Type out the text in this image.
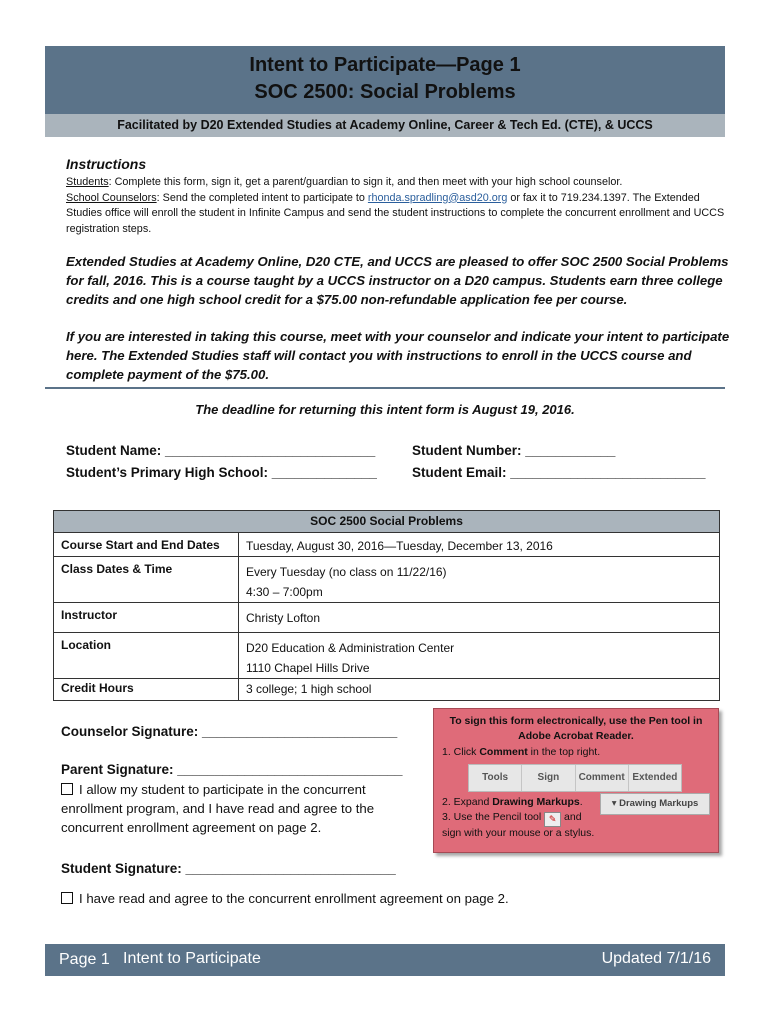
Intent to Participate—Page 1
SOC 2500: Social Problems
Facilitated by D20 Extended Studies at Academy Online, Career & Tech Ed. (CTE), & UCCS
Instructions
Students: Complete this form, sign it, get a parent/guardian to sign it, and then meet with your high school counselor.
School Counselors: Send the completed intent to participate to rhonda.spradling@asd20.org or fax it to 719.234.1397. The Extended Studies office will enroll the student in Infinite Campus and send the student instructions to complete the concurrent enrollment and UCCS registration steps.
Extended Studies at Academy Online, D20 CTE, and UCCS are pleased to offer SOC 2500 Social Problems for fall, 2016. This is a course taught by a UCCS instructor on a D20 campus. Students earn three college credits and one high school credit for a $75.00 non-refundable application fee per course.
If you are interested in taking this course, meet with your counselor and indicate your intent to participate here. The Extended Studies staff will contact you with instructions to enroll in the UCCS course and complete payment of the $75.00.
The deadline for returning this intent form is August 19, 2016.
Student Name: ____________________________	Student Number: ____________
Student’s Primary High School: ______________	Student Email: __________________________
SOC 2500 Social Problems	
Course Start and End Dates	Tuesday, August 30, 2016—Tuesday, December 13, 2016
Class Dates & Time	Every Tuesday (no class on 11/22/16)
4:30 – 7:00pm

Instructor	Christy Lofton
Location	D20 Education & Administration Center
1110 Chapel Hills Drive

Credit Hours	3 college; 1 high school
Counselor Signature: __________________________
Parent Signature: ______________________________
I allow my student to participate in the concurrent enrollment program, and I have read and agree to the concurrent enrollment agreement on page 2.
To sign this form electronically, use the Pen tool in Adobe Acrobat Reader.
1. Click Comment in the top right.
Tools	Sign	Comment Extended
2. Expand Drawing Markups.	▾ Drawing Markups
3. Use the Pencil tool ✎ and
sign with your mouse or a stylus.
Student Signature: ____________________________
I have read and agree to the concurrent enrollment agreement on page 2.
Page 1 Intent to Participate	Updated 7/1/16
